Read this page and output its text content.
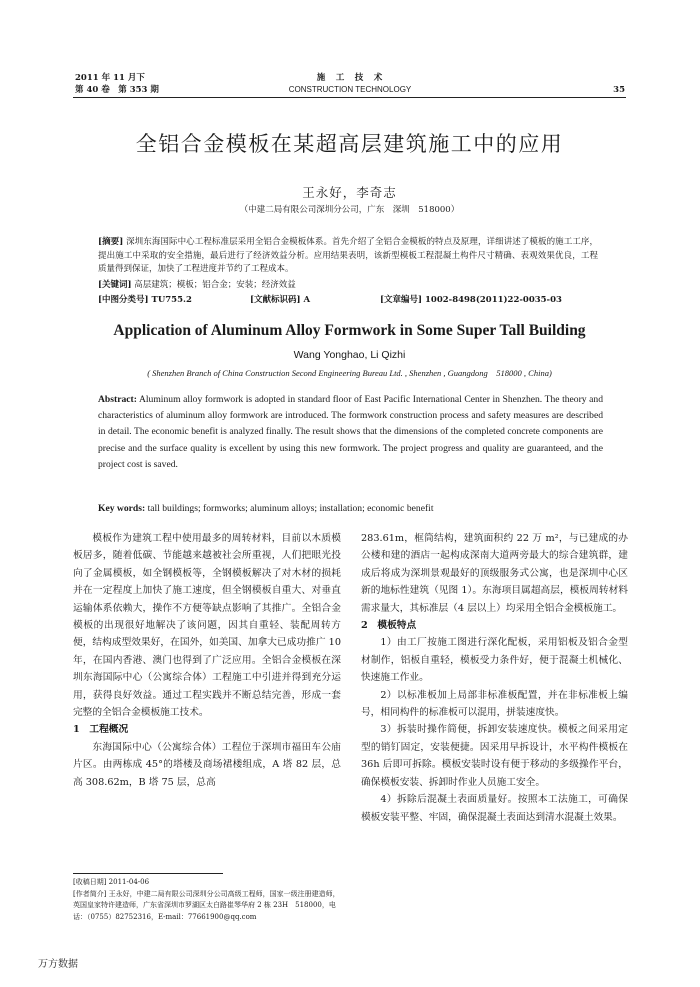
2011 年 11 月下
第 40 卷　第 353 期
施　工　技　术
CONSTRUCTION TECHNOLOGY	35
全铝合金模板在某超高层建筑施工中的应用
王永好，李奇志
（中建二局有限公司深圳分公司，广东　深圳　518000）
[摘要] 深圳东海国际中心工程标准层采用全铝合金模板体系。首先介绍了全铝合金模板的特点及原理，详细讲述了模板的施工工序，提出施工中采取的安全措施，最后进行了经济效益分析。应用结果表明，该新型模板工程混凝土构件尺寸精确、表观效果优良，工程质量得到保证，加快了工程进度并节约了工程成本。
[关键词] 高层建筑；模板；铝合金；安装；经济效益
[中图分类号] TU755.2	[文献标识码] A	[文章编号] 1002-8498(2011)22-0035-03
Application of Aluminum Alloy Formwork in Some Super Tall Building
Wang Yonghao, Li Qizhi
( Shenzhen Branch of China Construction Second Engineering Bureau Ltd. , Shenzhen , Guangdong　518000 , China)
Abstract: Aluminum alloy formwork is adopted in standard floor of East Pacific International Center in Shenzhen. The theory and characteristics of aluminum alloy formwork are introduced. The formwork construction process and safety measures are described in detail. The economic benefit is analyzed finally. The result shows that the dimensions of the completed concrete components are precise and the surface quality is excellent by using this new formwork. The project progress and quality are guaranteed, and the project cost is saved.
Key words: tall buildings; formworks; aluminum alloys; installation; economic benefit

模板作为建筑工程中使用最多的周转材料，目前以木质模板居多，随着低碳、节能越来越被社会所重视，人们把眼光投向了金属模板，如全钢模板等，全钢模板解决了对木材的损耗并在一定程度上加快了施工速度，但全钢模板自重大、对垂直运输体系依赖大，操作不方便等缺点影响了其推广。全铝合金模板的出现很好地解决了该问题，因其自重轻、装配周转方便，结构成型效果好，在国外，如美国、加拿大已成功推广 10 年，在国内香港、澳门也得到了广泛应用。全铝合金模板在深圳东海国际中心（公寓综合体）工程施工中引进并得到充分运用，获得良好效益。通过工程实践并不断总结完善，形成一套完整的全铝合金模板施工技术。

1　工程概况

东海国际中心（公寓综合体）工程位于深圳市福田车公庙片区。由两栋成 45°的塔楼及商场裙楼组成，A 塔 82 层，总高 308.62m，B 塔 75 层，总高

[收稿日期] 2011-04-06
[作者简介] 王永好，中建二局有限公司深圳分公司高级工程师，国家一级注册建造师，英国皇家特许建造师，广东省深圳市罗湖区太白路崔琴华府 2 栋 23H　518000，电话：（0755）82752316，E-mail：77661900@qq.com

283.61m，框筒结构，建筑面积约 22 万 m²，与已建成的办公楼和建的酒店一起构成深南大道两旁最大的综合建筑群，建成后将成为深圳景观最好的顶级服务式公寓，也是深圳中心区新的地标性建筑（见图 1）。东海项目属超高层，模板周转材料需求量大，其标准层（4 层以上）均采用全铝合金模板施工。

2　模板特点

1）由工厂按施工图进行深化配板，采用铝板及铝合金型材制作，铝板自重轻，模板受力条件好，便于混凝土机械化、快速施工作业。

2）以标准板加上局部非标准板配置，并在非标准板上编号，相同构件的标准板可以混用，拼装速度快。

3）拆装时操作简便，拆卸安装速度快。模板之间采用定型的销钉固定，安装便捷。因采用早拆设计，水平构件模板在 36h 后即可拆除。模板安装时设有便于移动的多级操作平台，确保模板安装、拆卸时作业人员施工安全。

4）拆除后混凝土表面质量好。按照本工法施工，可确保模板安装平整、牢固，确保混凝土表面达到清水混凝土效果。

万方数据
